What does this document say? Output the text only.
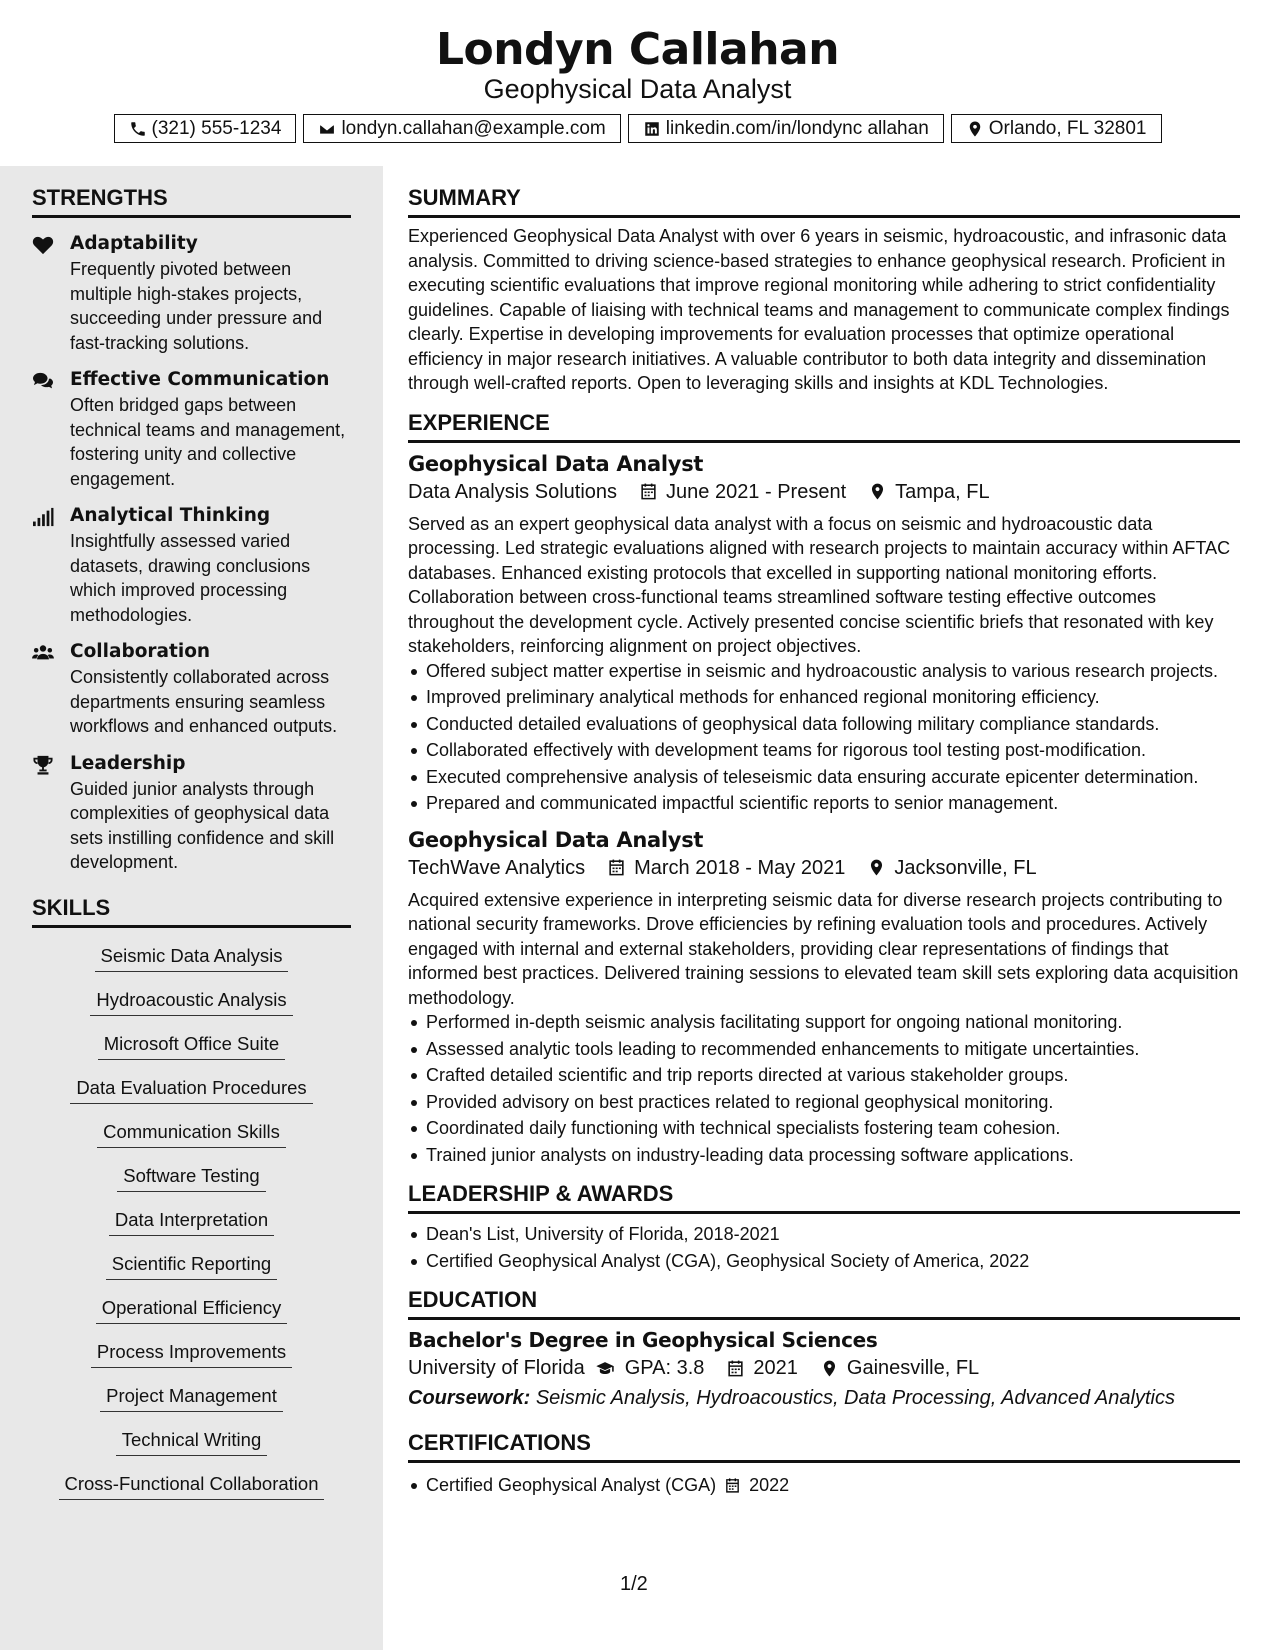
Londyn Callahan
Geophysical Data Analyst
(321) 555-1234	londyn.callahan@example.com	linkedin.com/in/londync allahan	Orlando, FL 32801
STRENGTHS
Adaptability
Frequently pivoted between multiple high-stakes projects, succeeding under pressure and fast-tracking solutions.
Effective Communication
Often bridged gaps between technical teams and management, fostering unity and collective engagement.
Analytical Thinking
Insightfully assessed varied datasets, drawing conclusions which improved processing methodologies.
Collaboration
Consistently collaborated across departments ensuring seamless workflows and enhanced outputs.
Leadership
Guided junior analysts through complexities of geophysical data sets instilling confidence and skill development.
SKILLS
Seismic Data Analysis
Hydroacoustic Analysis
Microsoft Office Suite
Data Evaluation Procedures
Communication Skills
Software Testing
Data Interpretation
Scientific Reporting
Operational Efficiency
Process Improvements
Project Management
Technical Writing
Cross-Functional Collaboration
SUMMARY
Experienced Geophysical Data Analyst with over 6 years in seismic, hydroacoustic, and infrasonic data analysis. Committed to driving science-based strategies to enhance geophysical research. Proficient in executing scientific evaluations that improve regional monitoring while adhering to strict confidentiality guidelines. Capable of liaising with technical teams and management to communicate complex findings clearly. Expertise in developing improvements for evaluation processes that optimize operational efficiency in major research initiatives. A valuable contributor to both data integrity and dissemination through well-crafted reports. Open to leveraging skills and insights at KDL Technologies.
EXPERIENCE
Geophysical Data Analyst
Data Analysis Solutions June 2021 - Present Tampa, FL
Served as an expert geophysical data analyst with a focus on seismic and hydroacoustic data processing. Led strategic evaluations aligned with research projects to maintain accuracy within AFTAC databases. Enhanced existing protocols that excelled in supporting national monitoring efforts. Collaboration between cross-functional teams streamlined software testing effective outcomes throughout the development cycle. Actively presented concise scientific briefs that resonated with key stakeholders, reinforcing alignment on project objectives.
Offered subject matter expertise in seismic and hydroacoustic analysis to various research projects.
Improved preliminary analytical methods for enhanced regional monitoring efficiency.
Conducted detailed evaluations of geophysical data following military compliance standards.
Collaborated effectively with development teams for rigorous tool testing post-modification.
Executed comprehensive analysis of teleseismic data ensuring accurate epicenter determination.
Prepared and communicated impactful scientific reports to senior management.
Geophysical Data Analyst
TechWave Analytics March 2018 - May 2021 Jacksonville, FL
Acquired extensive experience in interpreting seismic data for diverse research projects contributing to national security frameworks. Drove efficiencies by refining evaluation tools and procedures. Actively engaged with internal and external stakeholders, providing clear representations of findings that informed best practices. Delivered training sessions to elevated team skill sets exploring data acquisition methodology.
Performed in-depth seismic analysis facilitating support for ongoing national monitoring.
Assessed analytic tools leading to recommended enhancements to mitigate uncertainties.
Crafted detailed scientific and trip reports directed at various stakeholder groups.
Provided advisory on best practices related to regional geophysical monitoring.
Coordinated daily functioning with technical specialists fostering team cohesion.
Trained junior analysts on industry-leading data processing software applications.
LEADERSHIP & AWARDS
Dean's List, University of Florida, 2018-2021
Certified Geophysical Analyst (CGA), Geophysical Society of America, 2022
EDUCATION
Bachelor's Degree in Geophysical Sciences
University of Florida GPA: 3.8 2021 Gainesville, FL
Coursework: Seismic Analysis, Hydroacoustics, Data Processing, Advanced Analytics
CERTIFICATIONS
Certified Geophysical Analyst (CGA) 2022
1/2
